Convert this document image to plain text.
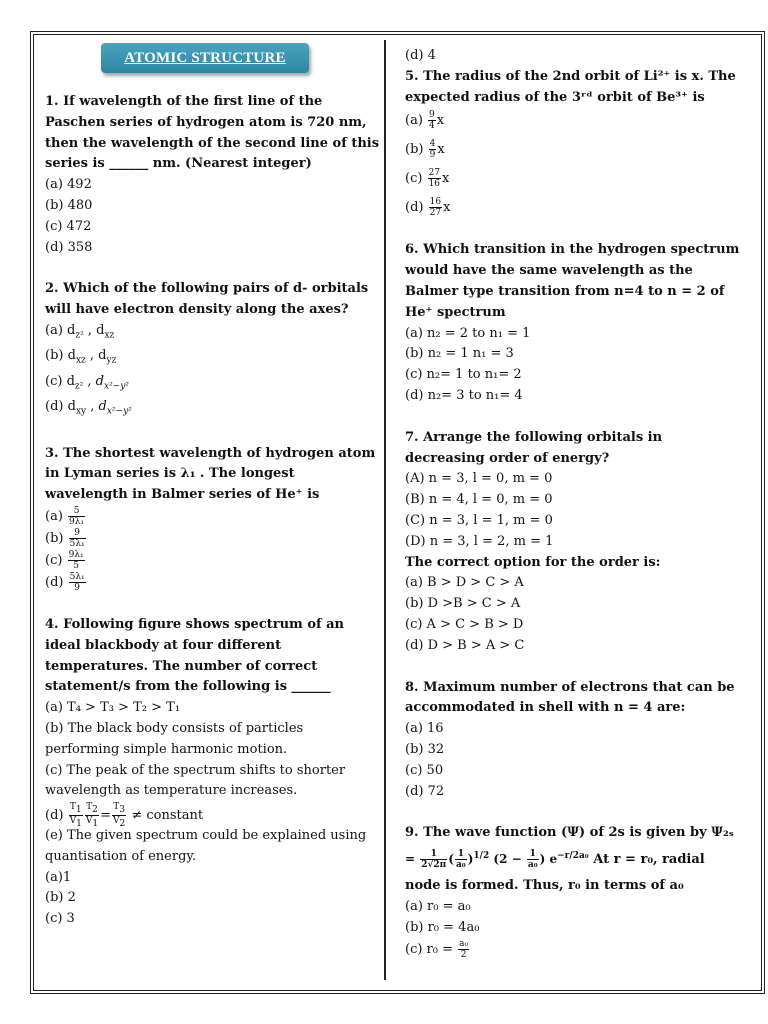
ATOMIC STRUCTURE
1. If wavelength of the first line of the
Paschen series of hydrogen atom is 720 nm,
then the wavelength of the second line of this
series is ______ nm. (Nearest integer)
(a) 492
(b) 480
(c) 472
(d) 358
2. Which of the following pairs of d- orbitals
will have electron density along the axes?
(a) $d_{z^2}$ , $d_{xz}$
(b) $d_{xz}$ , $d_{yz}$
(c) $d_{z^2}$ , $d_{x^2-y^2}$
(d) $d_{xy}$ , $d_{x^2-y^2}$
3. The shortest wavelength of hydrogen atom
in Lyman series is λ₁ . The longest
wavelength in Balmer series of He⁺ is
$(a) \frac{5}{\text{9λ₁}}$
$(b) \frac{9}{\text{5λ₁}}$
$(c) \frac{\text{9λ₁}}{5}$
$(d) \frac{\text{5λ₁}}{9}$
4. Following figure shows spectrum of an
ideal blackbody at four different
temperatures. The number of correct
statement/s from the following is ______
(a) T₄ > T₃ > T₂ > T₁
(b) The black body consists of particles
performing simple harmonic motion.
(c) The peak of the spectrum shifts to shorter
wavelength as temperature increases.
$(d) \frac{T_1}{V_1} \frac{T_2}{V_1} = \frac{T_3}{V_2}$ ≠ constant
(e) The given spectrum could be explained using
quantisation of energy.
(a)1
(b) 2
(c) 3
(d) 4
5. The radius of the 2nd orbit of Li²⁺ is x. The
expected radius of the 3ʳᵈ orbit of Be³⁺ is
$(a) \frac{9}{4}$ x
$(b) \frac{4}{9}$ x
$(c) \frac{27}{16}$ x
$(d) \frac{16}{27}$ x
6. Which transition in the hydrogen spectrum
would have the same wavelength as the
Balmer type transition from n=4 to n = 2 of
He⁺ spectrum
(a) n₂ = 2 to n₁ = 1
(b) n₂ = 1 n₁ = 3
(c) n₂= 1 to n₁= 2
(d) n₂= 3 to n₁= 4
7. Arrange the following orbitals in
decreasing order of energy?
(A) n = 3, l = 0, m = 0
(B) n = 4, l = 0, m = 0
(C) n = 3, l = 1, m = 0
(D) n = 3, l = 2, m = 1
The correct option for the order is:
(a) B > D > C > A
(b) D >B > C > A
(c) A > C > B > D
(d) D > B > A > C
8. Maximum number of electrons that can be
accommodated in shell with n = 4 are:
(a) 16
(b) 32
(c) 50
(d) 72
9. The wave function (Ψ) of 2s is given by Ψ₂ₛ
= $\frac{1}{2√2\pi}$ ( $\frac{1}{\text{a₀}} )^{1/2}$ ($2 - \frac{1}{\text{a₀}}$ ) $e^{-r/2a_0}$ At r = r₀, radial
node is formed. Thus, r₀ in terms of a₀
(a) r₀ = a₀
(b) r₀ = 4a₀
(c) $r_0 = \frac{\text{a₀}}{2}$
